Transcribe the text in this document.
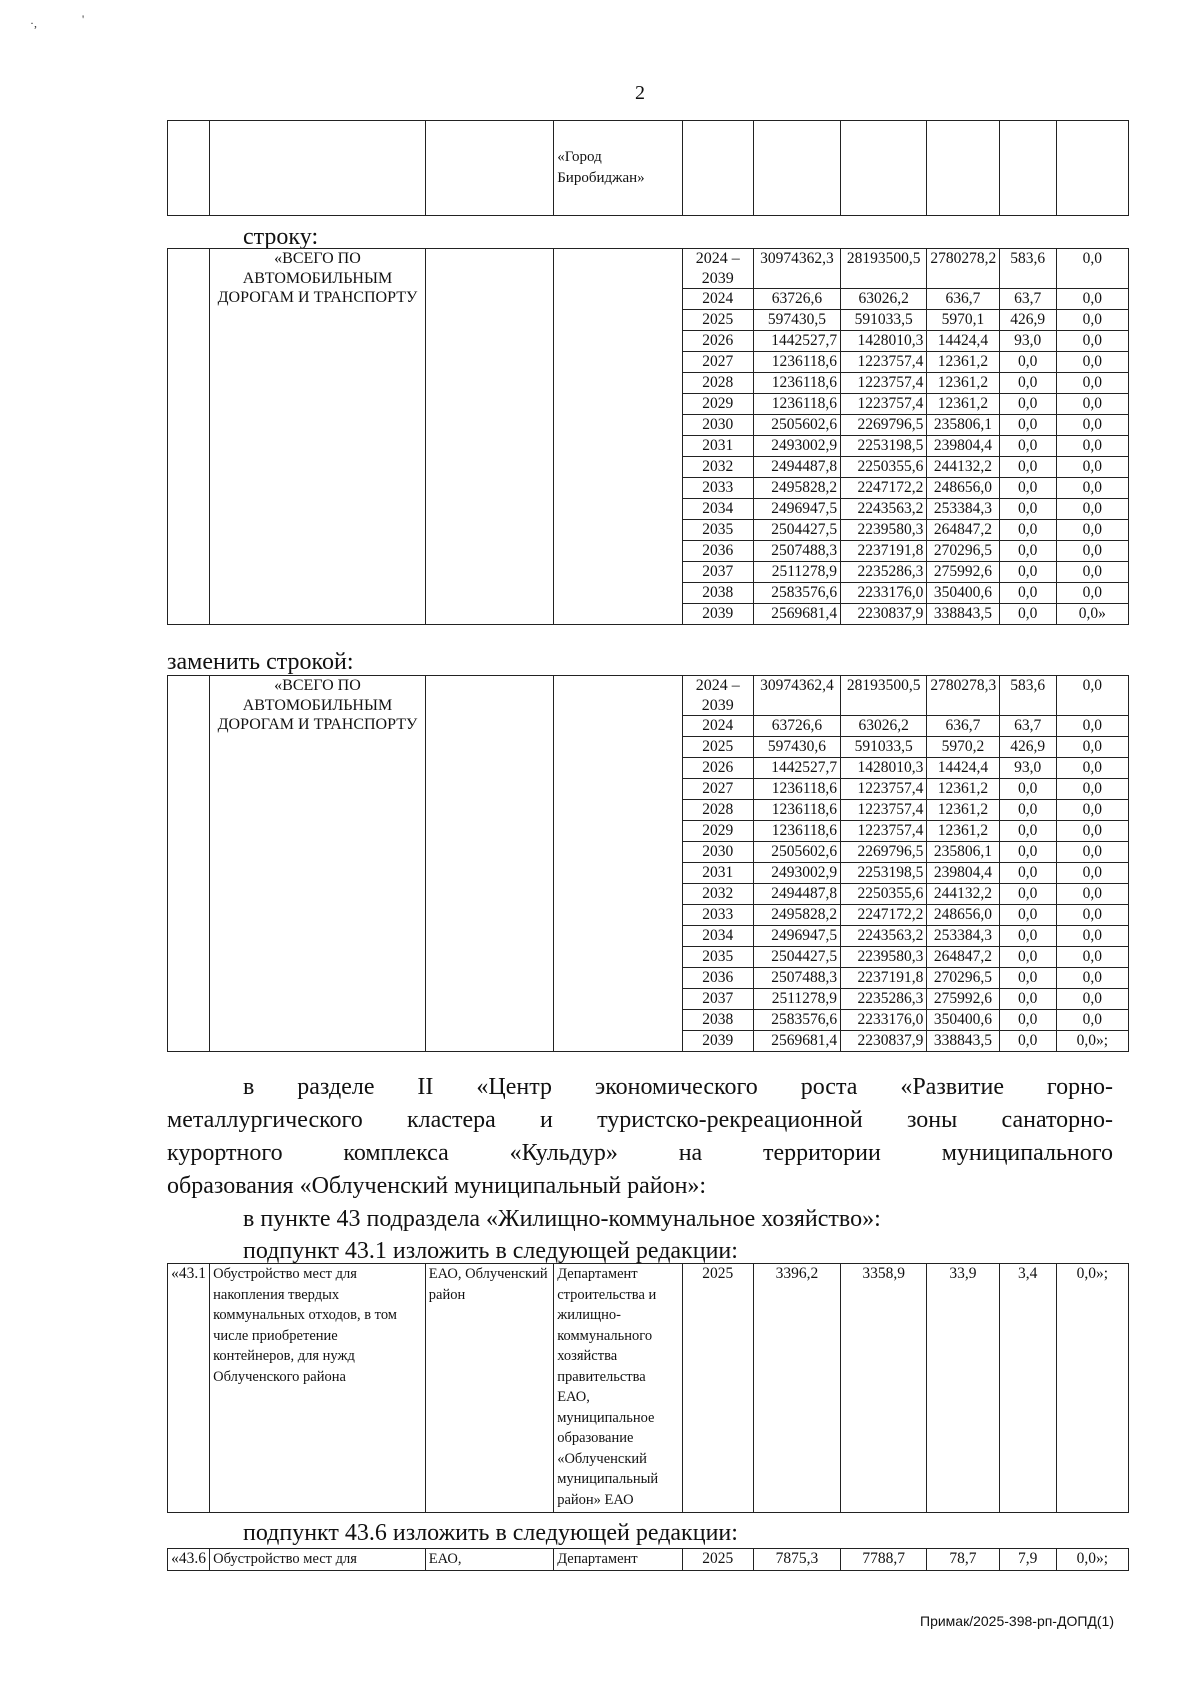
·,	'
2
			«Город Биробиджан»						
строку:
	«ВСЕГО ПО АВТОМОБИЛЬНЫМ ДОРОГАМ И ТРАНСПОРТУ			2024 – 2039	30974362,3	28193500,5	2780278,2	583,6	0,0
				2024	63726,6	63026,2	636,7	63,7	0,0
				2025	597430,5	591033,5	5970,1	426,9	0,0
				2026	1442527,7	1428010,3	14424,4	93,0	0,0
				2027	1236118,6	1223757,4	12361,2	0,0	0,0
				2028	1236118,6	1223757,4	12361,2	0,0	0,0
				2029	1236118,6	1223757,4	12361,2	0,0	0,0
				2030	2505602,6	2269796,5	235806,1	0,0	0,0
				2031	2493002,9	2253198,5	239804,4	0,0	0,0
				2032	2494487,8	2250355,6	244132,2	0,0	0,0
				2033	2495828,2	2247172,2	248656,0	0,0	0,0
				2034	2496947,5	2243563,2	253384,3	0,0	0,0
				2035	2504427,5	2239580,3	264847,2	0,0	0,0
				2036	2507488,3	2237191,8	270296,5	0,0	0,0
				2037	2511278,9	2235286,3	275992,6	0,0	0,0
				2038	2583576,6	2233176,0	350400,6	0,0	0,0
				2039	2569681,4	2230837,9	338843,5	0,0	0,0»
заменить строкой:
	«ВСЕГО ПО АВТОМОБИЛЬНЫМ ДОРОГАМ И ТРАНСПОРТУ			2024 – 2039	30974362,4	28193500,5	2780278,3	583,6	0,0
				2024	63726,6	63026,2	636,7	63,7	0,0
				2025	597430,6	591033,5	5970,2	426,9	0,0
				2026	1442527,7	1428010,3	14424,4	93,0	0,0
				2027	1236118,6	1223757,4	12361,2	0,0	0,0
				2028	1236118,6	1223757,4	12361,2	0,0	0,0
				2029	1236118,6	1223757,4	12361,2	0,0	0,0
				2030	2505602,6	2269796,5	235806,1	0,0	0,0
				2031	2493002,9	2253198,5	239804,4	0,0	0,0
				2032	2494487,8	2250355,6	244132,2	0,0	0,0
				2033	2495828,2	2247172,2	248656,0	0,0	0,0
				2034	2496947,5	2243563,2	253384,3	0,0	0,0
				2035	2504427,5	2239580,3	264847,2	0,0	0,0
				2036	2507488,3	2237191,8	270296,5	0,0	0,0
				2037	2511278,9	2235286,3	275992,6	0,0	0,0
				2038	2583576,6	2233176,0	350400,6	0,0	0,0
				2039	2569681,4	2230837,9	338843,5	0,0	0,0»;
в разделе II «Центр экономического роста «Развитие горно-
металлургического кластера и туристско-рекреационной зоны санаторно-
курортного комплекса «Кульдур» на территории муниципального
образования «Облученский муниципальный район»:
в пункте 43 подраздела «Жилищно-коммунальное хозяйство»:
подпункт 43.1 изложить в следующей редакции:
«43.1	Обустройство мест для накопления твердых коммунальных отходов, в том числе приобретение контейнеров, для нужд Облученского района	ЕАО, Облученский район	Департамент строительства и жилищно-коммунального хозяйства правительства ЕАО, муниципальное образование «Облученский муниципальный район» ЕАО	2025	3396,2	3358,9	33,9	3,4	0,0»;
подпункт 43.6 изложить в следующей редакции:
«43.6	Обустройство мест для	ЕАО,	Департамент	2025	7875,3	7788,7	78,7	7,9	0,0»;
Примак/2025-398-рп-ДОПД(1)
